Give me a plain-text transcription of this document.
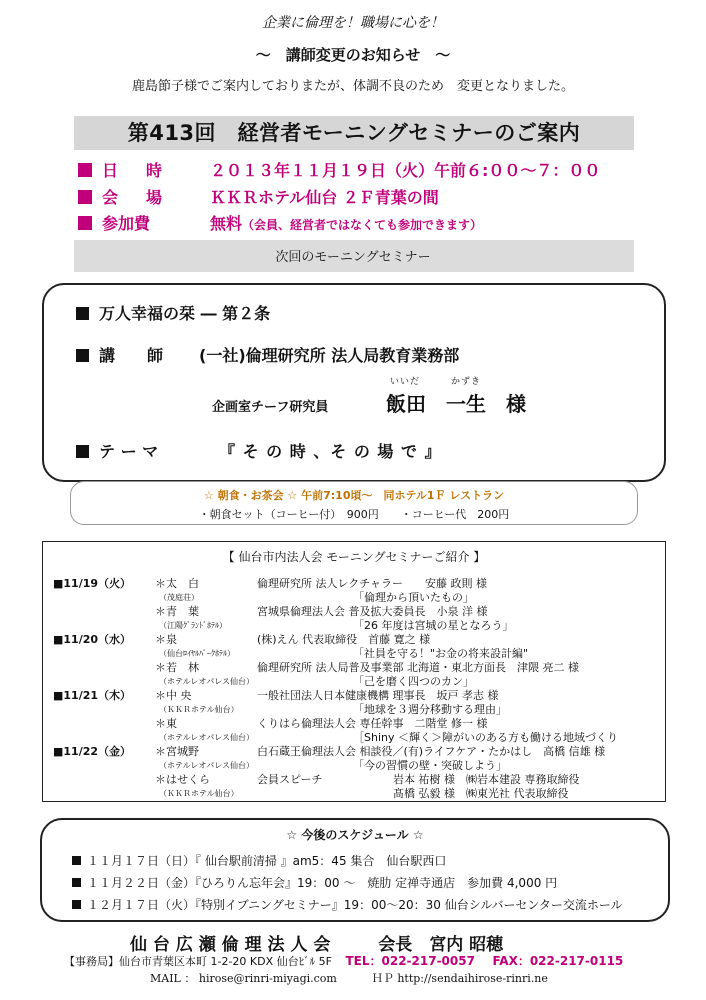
企業に倫理を！職場に心を！
～　講師変更のお知らせ　～
鹿島節子様でご案内しておりまたが、体調不良のため　変更となりました。
第413回　経営者モーニングセミナーのご案内
日　時	２０１３年１１月１９日（火）午前６:００～７：００
会　場	ＫＫＲホテル仙台 ２Ｆ青葉の間
参加費	無料（会員、経営者ではなくても参加できます）
次回のモーニングセミナー
万人幸福の栞 ― 第２条
講　　師 (一社)倫理研究所 法人局教育業務部
いいだ	かずき
企画室チーフ研究員	飯田　一生　様
テ ー マ	『 そ の 時 、そ の 場 で 』
☆ 朝食・お茶会 ☆ 午前7:10頃～　同ホテル1Ｆ レストラン
・朝食セット（コーヒー付）　900円　　・コーヒー代　200円
【 仙台市内法人会 モーニングセミナーご紹介 】
■11/19（火） ＊太　白	倫理研究所 法人レクチャラー　　安藤 政則 様
（茂庭荘）	「倫理から頂いたもの」
＊青　葉	宮城県倫理法人会 普及拡大委員長　小泉 洋 様
（江陽ｸﾞﾗﾝﾄﾞﾎﾃﾙ）	「26 年度は宮城の星となろう」
■11/20（水） ＊泉	(株)えん 代表取締役　首藤 寛之 様
（仙台ﾛｲﾔﾙﾊﾟｰｸﾎﾃﾙ）	「社員を守る！"お金の将来設計編"
＊若　林	倫理研究所 法人局普及事業部 北海道・東北方面長　津隈 亮二 様
（ホテルレオパレス仙台）	「己を磨く四つのカン」
■11/21（木） ＊中 央	一般社団法人日本健康機構 理事長　坂戸 孝志 様
（ＫＫＲホテル仙台）	「地球を３週分移動する理由」
＊東	くりはら倫理法人会 専任幹事　二階堂 修一 様
（ホテルレオパレス仙台）	［Shiny ＜輝く＞障がいのある方も働ける地域づくり
■11/22（金） ＊宮城野	白石蔵王倫理法人会 相談役／(有)ライフケア・たかはし　高橋 信雄 様
（ホテルレオパレス仙台）	「今の習慣の壁・突破しよう」
＊はせくら	会員スピーチ	岩本 祐樹 様　㈱岩本建設 専務取締役
（ＫＫＲホテル仙台）	髙橋 弘毅 様　㈱東光社 代表取締役
☆ 今後のスケジュール ☆
１１月１７日（日）『 仙台駅前清掃 』am5：45 集合　仙台駅西口
１１月２２日（金）『ひろりん忘年会』19：00 ～　焼肋 定禅寺通店　参加費 4,000 円
１２月１７日（火）『特別イブニングセミナー』19：00～20：30 仙台シルバーセンター交流ホール
仙 台 広 瀬 倫 理 法 人 会	会長　宮内 昭穂
【事務局】仙台市青葉区本町 1-2-20 KDX 仙台ﾋﾞﾙ 5F TEL：022-217-0057 FAX：022-217-0115
MAIL ： hirose@rinri-miyagi.com	ＨＰ http://sendaihirose-rinri.ne
